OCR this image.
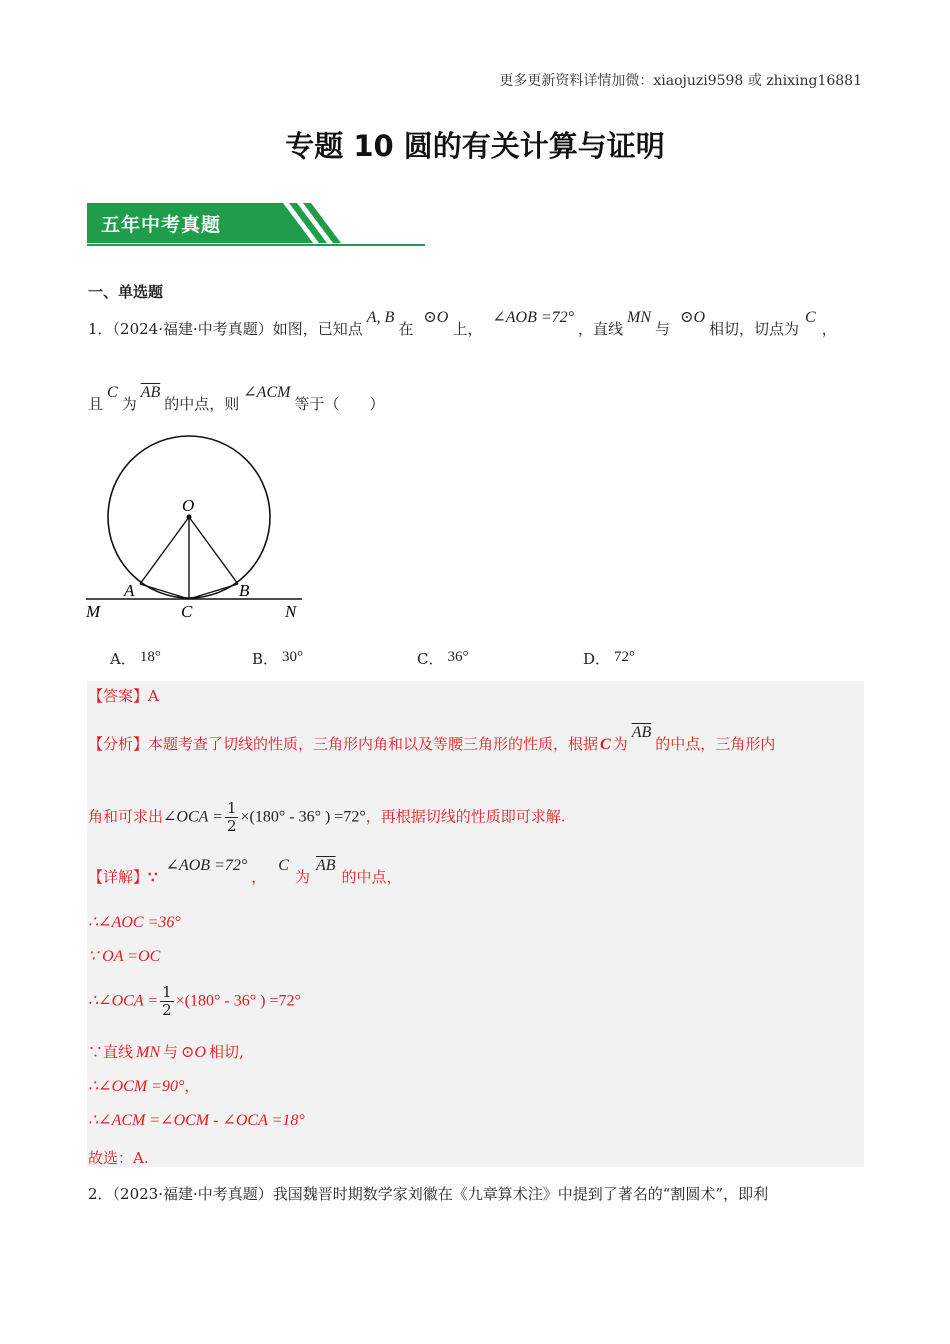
更多更新资料详情加微：xiaojuzi9598 或 zhixing16881
专题 10 圆的有关计算与证明
五年中考真题
一、单选题
1．（2024·福建·中考真题）如图，已知点A, B在⊙O上，∠AOB =72°，直线MN与⊙O相切，切点为C，
且C为$\overline{AB}$的中点，则∠ACM等于（　　）
O
A	B
C
M	N
A． 18°	B． 30°	C． 36°	D． 72°
【答案】A
【分析】本题考查了切线的性质，三角形内角和以及等腰三角形的性质，根据 C 为$\overline{AB}$的中点，三角形内
角和可求出∠OCA = $\frac{1}{2} \times(180^\circ - 36^\circ$ ) =72°，再根据切线的性质即可求解.
【详解】∵∠AOB =72°，C为$\overline{AB}$的中点，
∴∠AOC =36°
∵ OA =OC
∴∠OCA = $\frac{1}{2} \times(180^\circ - 36^\circ$ ) =72°
∵直线 MN 与 ⊙O 相切,
∴∠OCM =90°，
∴∠ACM =∠OCM - ∠OCA =18°
故选：A.
2．（2023·福建·中考真题）我国魏晋时期数学家刘徽在《九章算术注》中提到了著名的“割圆术”，即利
